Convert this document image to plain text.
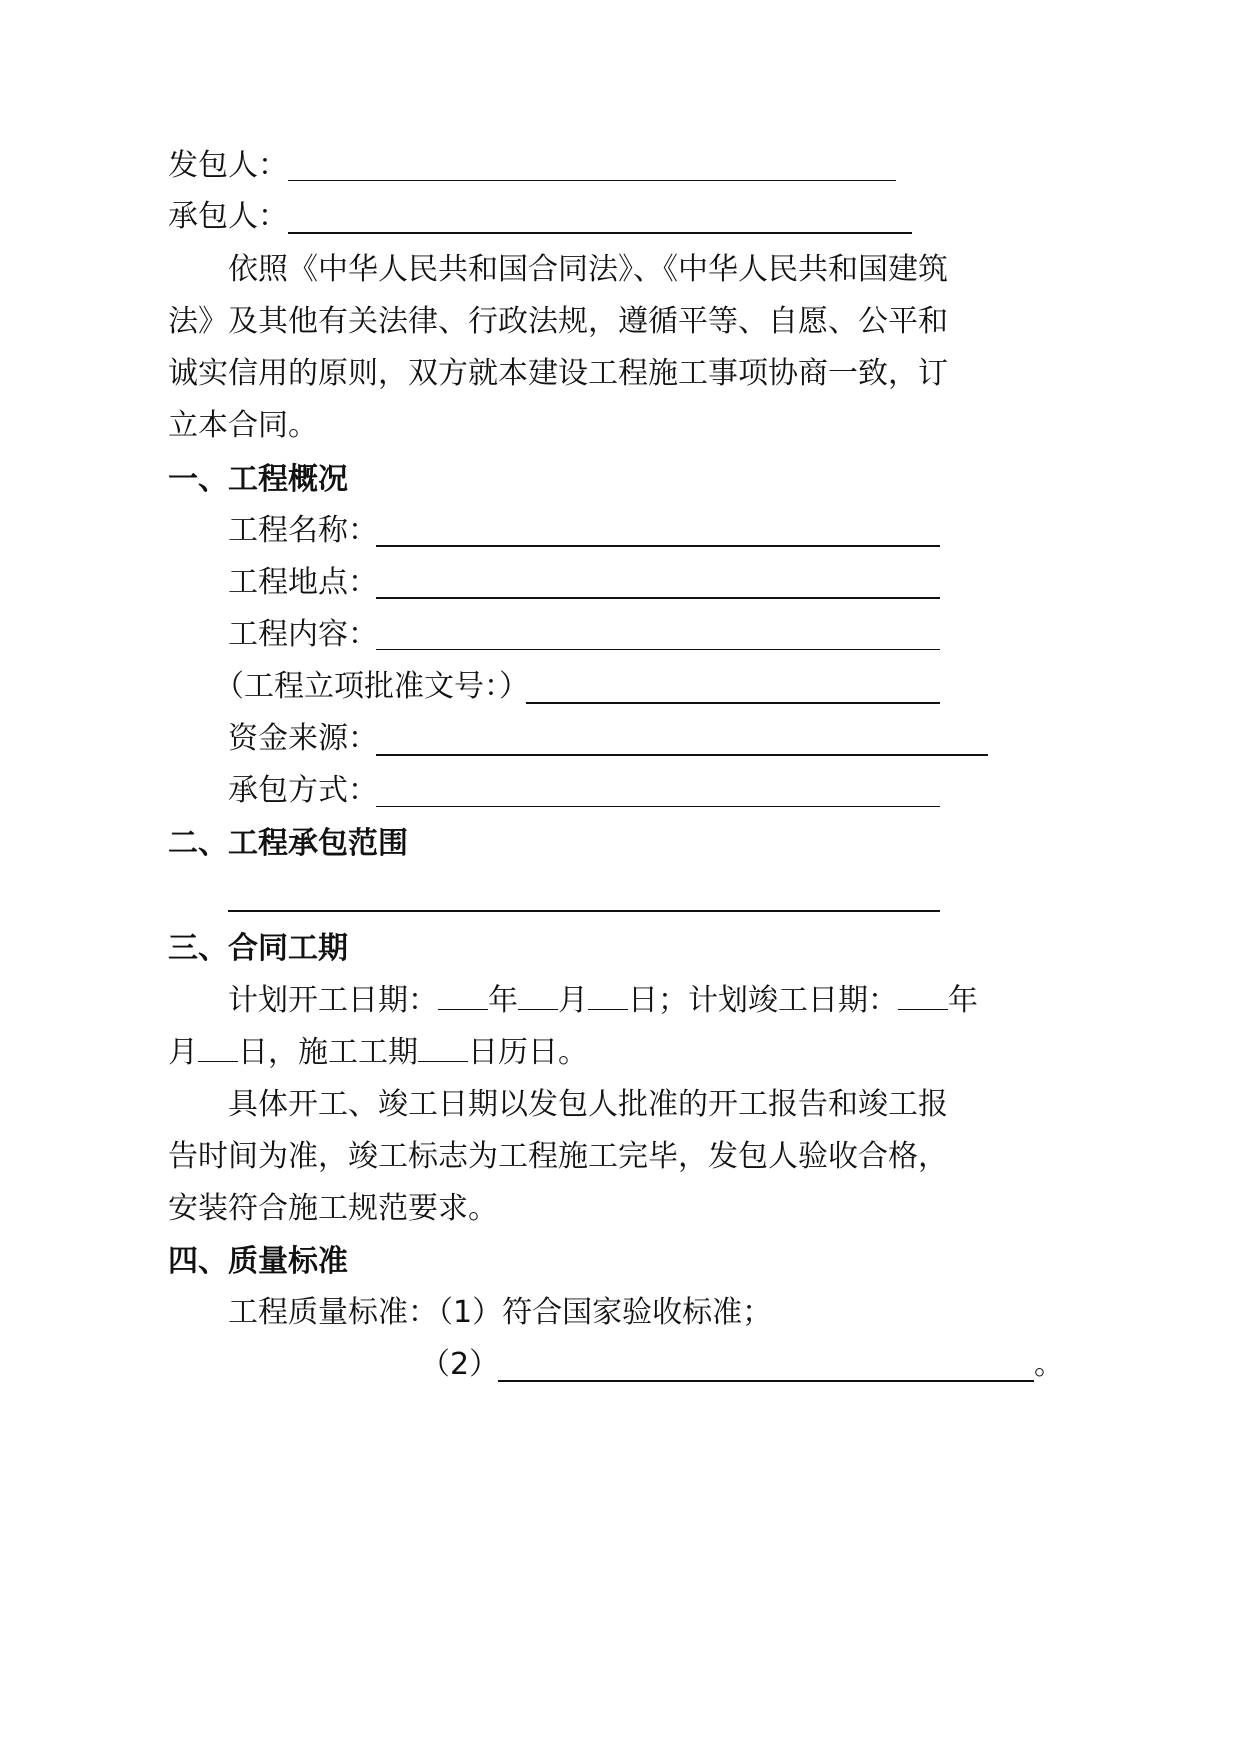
发包人：
承包人：
依照《中华人民共和国合同法》、《中华人民共和国建筑
法》及其他有关法律、行政法规，遵循平等、自愿、公平和
诚实信用的原则，双方就本建设工程施工事项协商一致，订
立本合同。
一、工程概况
工程名称：
工程地点：
工程内容：
（工程立项批准文号：）
资金来源：
承包方式：
二、工程承包范围
三、合同工期
计划开工日期： 年 月 日；计划竣工日期： 年
月 日，施工工期 日历日。
具体开工、竣工日期以发包人批准的开工报告和竣工报
告时间为准，竣工标志为工程施工完毕，发包人验收合格，
安装符合施工规范要求。
四、质量标准
工程质量标准：（1）符合国家验收标准；
（2）	。
